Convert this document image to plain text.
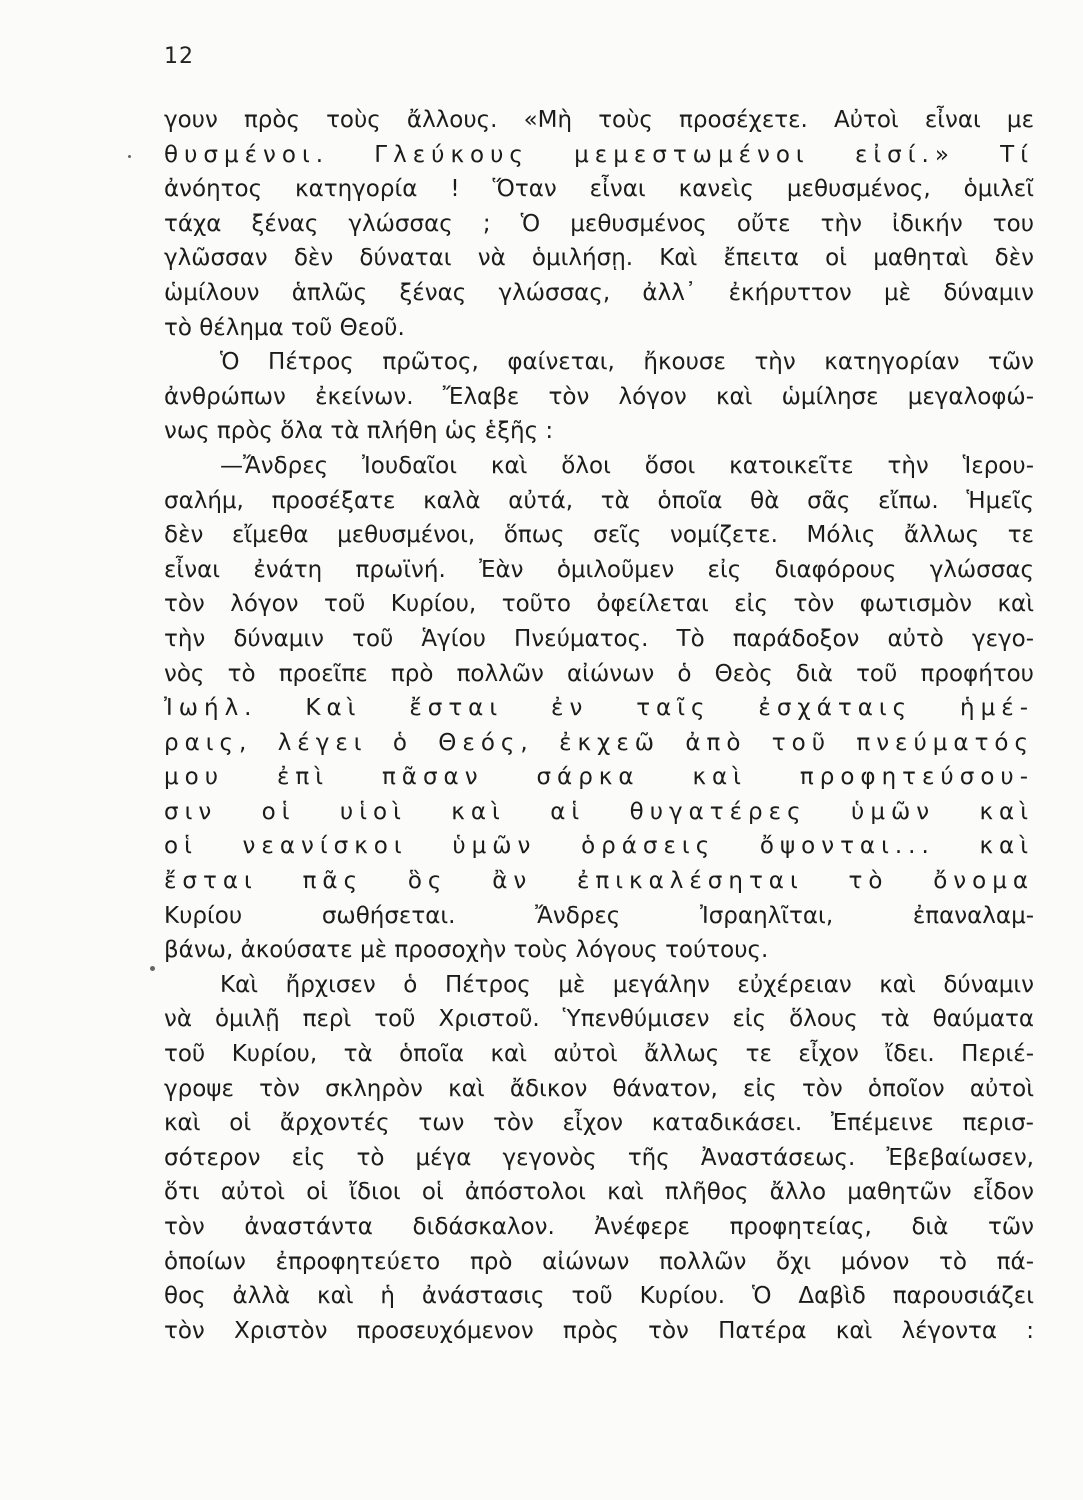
12
γουν πρὸς τοὺς ἄλλους. «Μὴ τοὺς προσέχετε. Αὐτοὶ εἶναι με
θυσμένοι. Γλεύκους μεμεστωμένοι εἰσί.» Τί
ἀνόητος κατηγορία ! Ὅταν εἶναι κανεὶς μεθυσμένος, ὁμιλεῖ
τάχα ξένας γλώσσας ; Ὁ μεθυσμένος οὔτε τὴν ἰδικήν του
γλῶσσαν δὲν δύναται νὰ ὁμιλήσῃ. Καὶ ἔπειτα οἱ μαθηταὶ δὲν
ὡμίλουν ἁπλῶς ξένας γλώσσας, ἀλλ᾽ ἐκήρυττον μὲ δύναμιν
τὸ θέλημα τοῦ Θεοῦ.
Ὁ Πέτρος πρῶτος, φαίνεται, ἤκουσε τὴν κατηγορίαν τῶν
ἀνθρώπων ἐκείνων. Ἔλαβε τὸν λόγον καὶ ὡμίλησε μεγαλοφώ-
νως πρὸς ὅλα τὰ πλήθη ὡς ἑξῆς :
—Ἄνδρες Ἰουδαῖοι καὶ ὅλοι ὅσοι κατοικεῖτε τὴν Ἱερου-
σαλήμ, προσέξατε καλὰ αὐτά, τὰ ὁποῖα θὰ σᾶς εἴπω. Ἡμεῖς
δὲν εἴμεθα μεθυσμένοι, ὅπως σεῖς νομίζετε. Μόλις ἄλλως τε
εἶναι ἐνάτη πρωϊνή. Ἐὰν ὁμιλοῦμεν εἰς διαφόρους γλώσσας
τὸν λόγον τοῦ Κυρίου, τοῦτο ὀφείλεται εἰς τὸν φωτισμὸν καὶ
τὴν δύναμιν τοῦ Ἁγίου Πνεύματος. Τὸ παράδοξον αὐτὸ γεγο-
νὸς τὸ προεῖπε πρὸ πολλῶν αἰώνων ὁ Θεὸς διὰ τοῦ προφήτου
Ἰωήλ. Καὶ ἔσται ἐν ταῖς ἐσχάταις ἡμέ-
ραις, λέγει ὁ Θεός, ἐκχεῶ ἀπὸ τοῦ πνεύματός
μου ἐπὶ πᾶσαν σάρκα καὶ προφητεύσου-
σιν οἱ υἱοὶ καὶ αἱ θυγατέρες ὑμῶν καὶ
οἱ νεανίσκοι ὑμῶν ὁράσεις ὄψονται... καὶ
ἔσται πᾶς ὃς ἂν ἐπικαλέσηται τὸ ὄνομα
Κυρίου σωθήσεται. Ἄνδρες Ἰσραηλῖται, ἐπαναλαμ-
βάνω, ἀκούσατε μὲ προσοχὴν τοὺς λόγους τούτους.
Καὶ ἤρχισεν ὁ Πέτρος μὲ μεγάλην εὐχέρειαν καὶ δύναμιν
νὰ ὁμιλῇ περὶ τοῦ Χριστοῦ. Ὑπενθύμισεν εἰς ὅλους τὰ θαύματα
τοῦ Κυρίου, τὰ ὁποῖα καὶ αὐτοὶ ἄλλως τε εἶχον ἴδει. Περιέ-
γροψε τὸν σκληρὸν καὶ ἄδικον θάνατον, εἰς τὸν ὁποῖον αὐτοὶ
καὶ οἱ ἄρχοντές των τὸν εἶχον καταδικάσει. Ἐπέμεινε περισ-
σότερον εἰς τὸ μέγα γεγονὸς τῆς Ἀναστάσεως. Ἐβεβαίωσεν,
ὅτι αὐτοὶ οἱ ἴδιοι οἱ ἀπόστολοι καὶ πλῆθος ἄλλο μαθητῶν εἶδον
τὸν ἀναστάντα διδάσκαλον. Ἀνέφερε προφητείας, διὰ τῶν
ὁποίων ἐπροφητεύετο πρὸ αἰώνων πολλῶν ὄχι μόνον τὸ πά-
θος ἀλλὰ καὶ ἡ ἀνάστασις τοῦ Κυρίου. Ὁ Δαβὶδ παρουσιάζει
τὸν Χριστὸν προσευχόμενον πρὸς τὸν Πατέρα καὶ λέγοντα :
